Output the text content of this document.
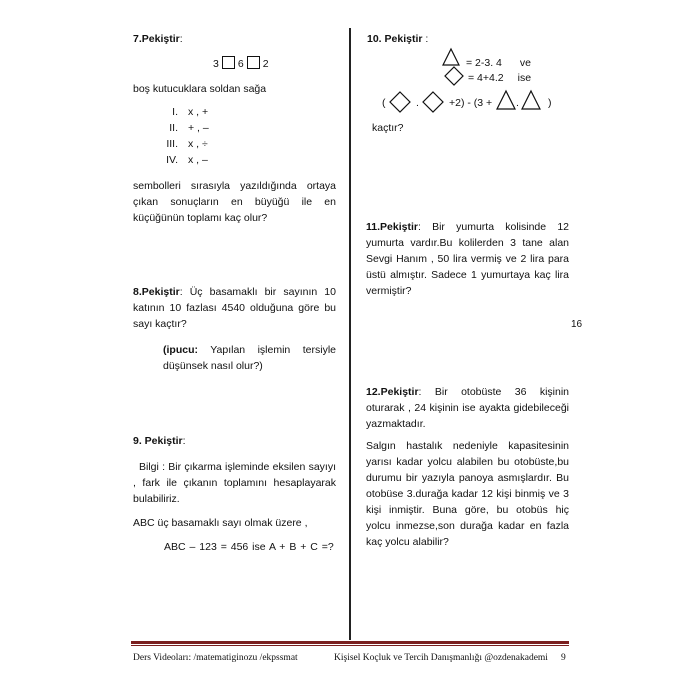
7.Pekiştir:
3 6 2
boş kutucuklara soldan sağa
I. x , +
II. + , –
III. x , ÷
IV. x , –
sembolleri sırasıyla yazıldığında ortaya
çıkan sonuçların en büyüğü ile en
küçüğünün toplamı kaç olur?
8.Pekiştir: Üç basamaklı bir sayının 10
katının 10 fazlası 4540 olduğuna göre bu
sayı kaçtır?
(ipucu: Yapılan işlemin tersiyle
düşünsek nasıl olur?)
9. Pekiştir:
Bilgi : Bir çıkarma işleminde eksilen sayıyı
, fark ile çıkanın toplamını hesaplayarak
bulabiliriz.
ABC üç basamaklı sayı olmak üzere ,
ABC – 123 = 456 ise A + B + C =?
10. Pekiştir :
= 2-3. 4 ve
= 4+4.2 ise
(	.	+2) - (3 + .	)
kaçtır?
11.Pekiştir: Bir yumurta kolisinde 12
yumurta vardır.Bu kolilerden 3 tane alan
Sevgi Hanım , 50 lira vermiş ve 2 lira para
üstü almıştır. Sadece 1 yumurtaya kaç lira
vermiştir?
16
12.Pekiştir: Bir otobüste 36 kişinin
oturarak , 24 kişinin ise ayakta gidebileceği
yazmaktadır.
Salgın hastalık nedeniyle kapasitesinin
yarısı kadar yolcu alabilen bu otobüste,bu
durumu bir yazıyla panoya asmışlardır. Bu
otobüse 3.durağa kadar 12 kişi binmiş ve 3
kişi inmiştir. Buna göre, bu otobüs hiç
yolcu inmezse,son durağa kadar en fazla
kaç yolcu alabilir?
Ders Videoları: /matematiginozu /ekpssmat	Kişisel Koçluk ve Tercih Danışmanlığı @ozdenakademi 9
